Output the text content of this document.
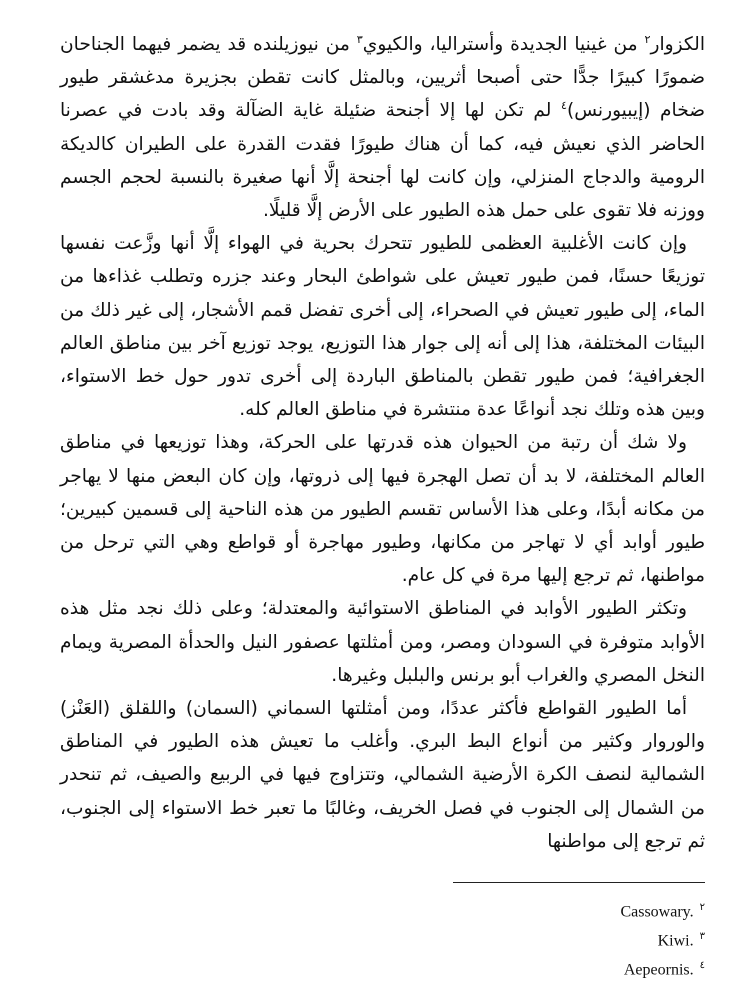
الكزوار$^٢$ من غينيا الجديدة وأستراليا، والكيوي$^٣$ من نيوزيلنده قد يضمر فيهما الجناحان ضمورًا كبيرًا جدًّا حتى أصبحا أثريين، وبالمثل كانت تقطن بجزيرة مدغشقر طيور ضخام (إيبيورنس)$^٤$ لم تكن لها إلا أجنحة ضئيلة غاية الضآلة وقد بادت في عصرنا الحاضر الذي نعيش فيه، كما أن هناك طيورًا فقدت القدرة على الطيران كالديكة الرومية والدجاج المنزلي، وإن كانت لها أجنحة إلَّا أنها صغيرة بالنسبة لحجم الجسم ووزنه فلا تقوى على حمل هذه الطيور على الأرض إلَّا قليلًا.

وإن كانت الأغلبية العظمى للطيور تتحرك بحرية في الهواء إلَّا أنها وزَّعت نفسها توزيعًا حسنًا، فمن طيور تعيش على شواطئ البحار وعند جزره وتطلب غذاءها من الماء، إلى طيور تعيش في الصحراء، إلى أخرى تفضل قمم الأشجار، إلى غير ذلك من البيئات المختلفة، هذا إلى أنه إلى جوار هذا التوزيع، يوجد توزيع آخر بين مناطق العالم الجغرافية؛ فمن طيور تقطن بالمناطق الباردة إلى أخرى تدور حول خط الاستواء، وبين هذه وتلك نجد أنواعًا عدة منتشرة في مناطق العالم كله.

ولا شك أن رتبة من الحيوان هذه قدرتها على الحركة، وهذا توزيعها في مناطق العالم المختلفة، لا بد أن تصل الهجرة فيها إلى ذروتها، وإن كان البعض منها لا يهاجر من مكانه أبدًا، وعلى هذا الأساس تقسم الطيور من هذه الناحية إلى قسمين كبيرين؛ طيور أوابد أي لا تهاجر من مكانها، وطيور مهاجرة أو قواطع وهي التي ترحل من مواطنها، ثم ترجع إليها مرة في كل عام.

وتكثر الطيور الأوابد في المناطق الاستوائية والمعتدلة؛ وعلى ذلك نجد مثل هذه الأوابد متوفرة في السودان ومصر، ومن أمثلتها عصفور النيل والحدأة المصرية ويمام النخل المصري والغراب أبو برنس والبلبل وغيرها.

أما الطيور القواطع فأكثر عددًا، ومن أمثلتها السماني (السمان) واللقلق (العَنْز) والوروار وكثير من أنواع البط البري. وأغلب ما تعيش هذه الطيور في المناطق الشمالية لنصف الكرة الأرضية الشمالي، وتتزاوج فيها في الربيع والصيف، ثم تنحدر من الشمال إلى الجنوب في فصل الخريف، وغالبًا ما تعبر خط الاستواء إلى الجنوب، ثم ترجع إلى مواطنها

$^٢$Cassowary.
$^٣$Kiwi.
$^٤$Aepeornis.
